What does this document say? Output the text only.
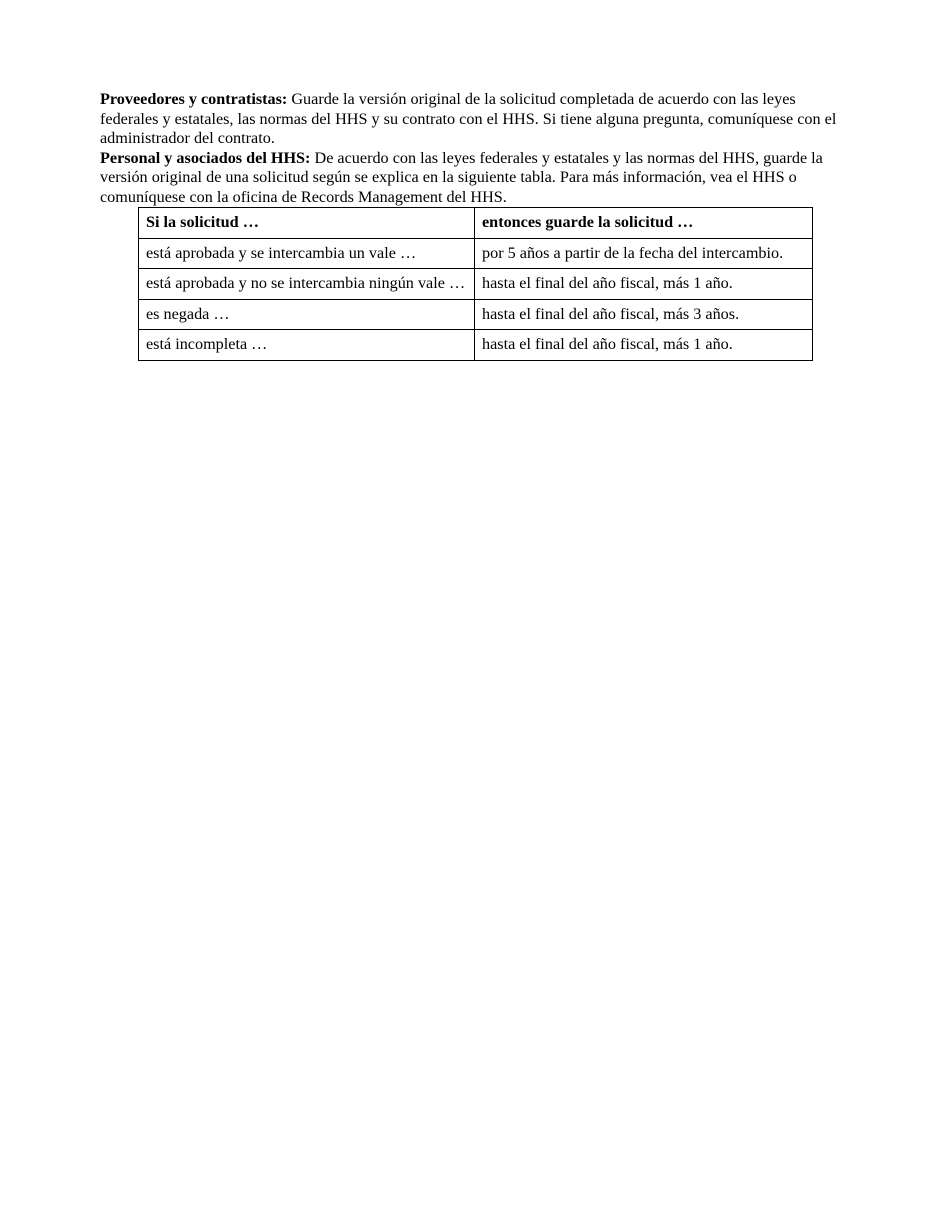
Proveedores y contratistas: Guarde la versión original de la solicitud completada de acuerdo con las leyes federales y estatales, las normas del HHS y su contrato con el HHS. Si tiene alguna pregunta, comuníquese con el administrador del contrato.

Personal y asociados del HHS: De acuerdo con las leyes federales y estatales y las normas del HHS, guarde la versión original de una solicitud según se explica en la siguiente tabla. Para más información, vea el HHS o comuníquese con la oficina de Records Management del HHS.

Si la solicitud …	entonces guarde la solicitud …
está aprobada y se intercambia un vale …	por 5 años a partir de la fecha del intercambio.
está aprobada y no se intercambia ningún vale …	hasta el final del año fiscal, más 1 año.
es negada …	hasta el final del año fiscal, más 3 años.
está incompleta …	hasta el final del año fiscal, más 1 año.
